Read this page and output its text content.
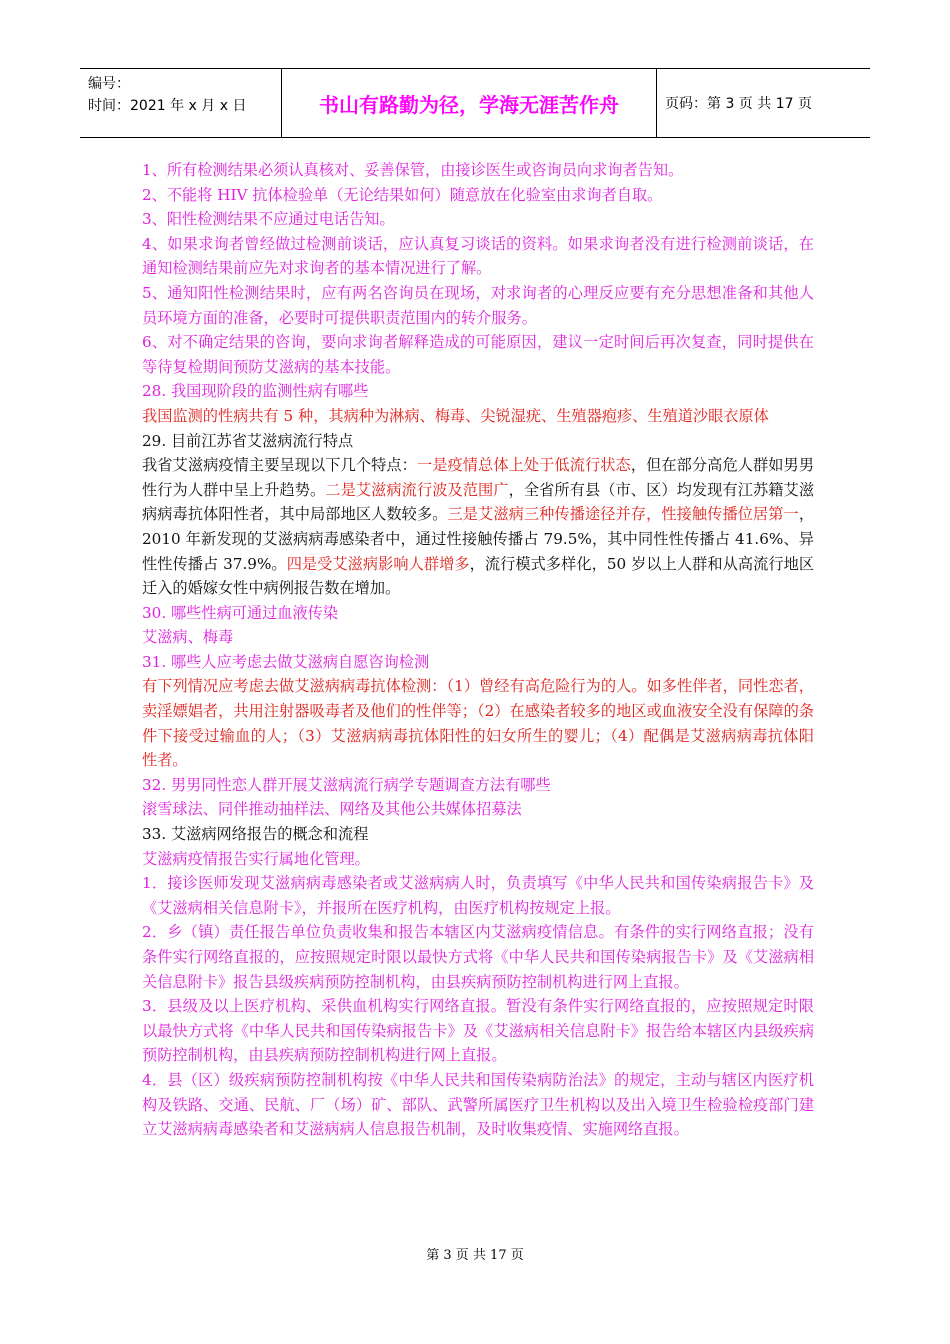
编号：
时间：2021 年 x 月 x 日	书山有路勤为径，学海无涯苦作舟	页码：第 3 页 共 17 页

1、所有检测结果必须认真核对、妥善保管，由接诊医生或咨询员向求询者告知。

2、不能将 HIV 抗体检验单（无论结果如何）随意放在化验室由求询者自取。

3、阳性检测结果不应通过电话告知。

4、如果求询者曾经做过检测前谈话，应认真复习谈话的资料。如果求询者没有进行检测前谈话，在通知检测结果前应先对求询者的基本情况进行了解。

5、通知阳性检测结果时，应有两名咨询员在现场，对求询者的心理反应要有充分思想准备和其他人员环境方面的准备，必要时可提供职责范围内的转介服务。

6、对不确定结果的咨询，要向求询者解释造成的可能原因，建议一定时间后再次复查，同时提供在等待复检期间预防艾滋病的基本技能。

28. 我国现阶段的监测性病有哪些

我国监测的性病共有 5 种，其病种为淋病、梅毒、尖锐湿疣、生殖器疱疹、生殖道沙眼衣原体

29. 目前江苏省艾滋病流行特点

我省艾滋病疫情主要呈现以下几个特点：一是疫情总体上处于低流行状态，但在部分高危人群如男男性行为人群中呈上升趋势。二是艾滋病流行波及范围广，全省所有县（市、区）均发现有江苏籍艾滋病病毒抗体阳性者，其中局部地区人数较多。三是艾滋病三种传播途径并存，性接触传播位居第一，2010 年新发现的艾滋病病毒感染者中，通过性接触传播占 79.5%，其中同性性传播占 41.6%、异性性传播占 37.9%。四是受艾滋病影响人群增多，流行模式多样化，50 岁以上人群和从高流行地区迁入的婚嫁女性中病例报告数在增加。

30. 哪些性病可通过血液传染

艾滋病、梅毒

31. 哪些人应考虑去做艾滋病自愿咨询检测

有下列情况应考虑去做艾滋病病毒抗体检测：（1）曾经有高危险行为的人。如多性伴者，同性恋者，卖淫嫖娼者，共用注射器吸毒者及他们的性伴等；（2）在感染者较多的地区或血液安全没有保障的条件下接受过输血的人；（3）艾滋病病毒抗体阳性的妇女所生的婴儿；（4）配偶是艾滋病病毒抗体阳性者。

32. 男男同性恋人群开展艾滋病流行病学专题调查方法有哪些

滚雪球法、同伴推动抽样法、网络及其他公共媒体招募法

33. 艾滋病网络报告的概念和流程

艾滋病疫情报告实行属地化管理。

1．接诊医师发现艾滋病病毒感染者或艾滋病病人时，负责填写《中华人民共和国传染病报告卡》及《艾滋病相关信息附卡》，并报所在医疗机构，由医疗机构按规定上报。

2．乡（镇）责任报告单位负责收集和报告本辖区内艾滋病疫情信息。有条件的实行网络直报；没有条件实行网络直报的，应按照规定时限以最快方式将《中华人民共和国传染病报告卡》及《艾滋病相关信息附卡》报告县级疾病预防控制机构，由县疾病预防控制机构进行网上直报。

3．县级及以上医疗机构、采供血机构实行网络直报。暂没有条件实行网络直报的，应按照规定时限以最快方式将《中华人民共和国传染病报告卡》及《艾滋病相关信息附卡》报告给本辖区内县级疾病预防控制机构，由县疾病预防控制机构进行网上直报。

4．县（区）级疾病预防控制机构按《中华人民共和国传染病防治法》的规定，主动与辖区内医疗机构及铁路、交通、民航、厂（场）矿、部队、武警所属医疗卫生机构以及出入境卫生检验检疫部门建立艾滋病病毒感染者和艾滋病病人信息报告机制，及时收集疫情、实施网络直报。

第 3 页 共 17 页
